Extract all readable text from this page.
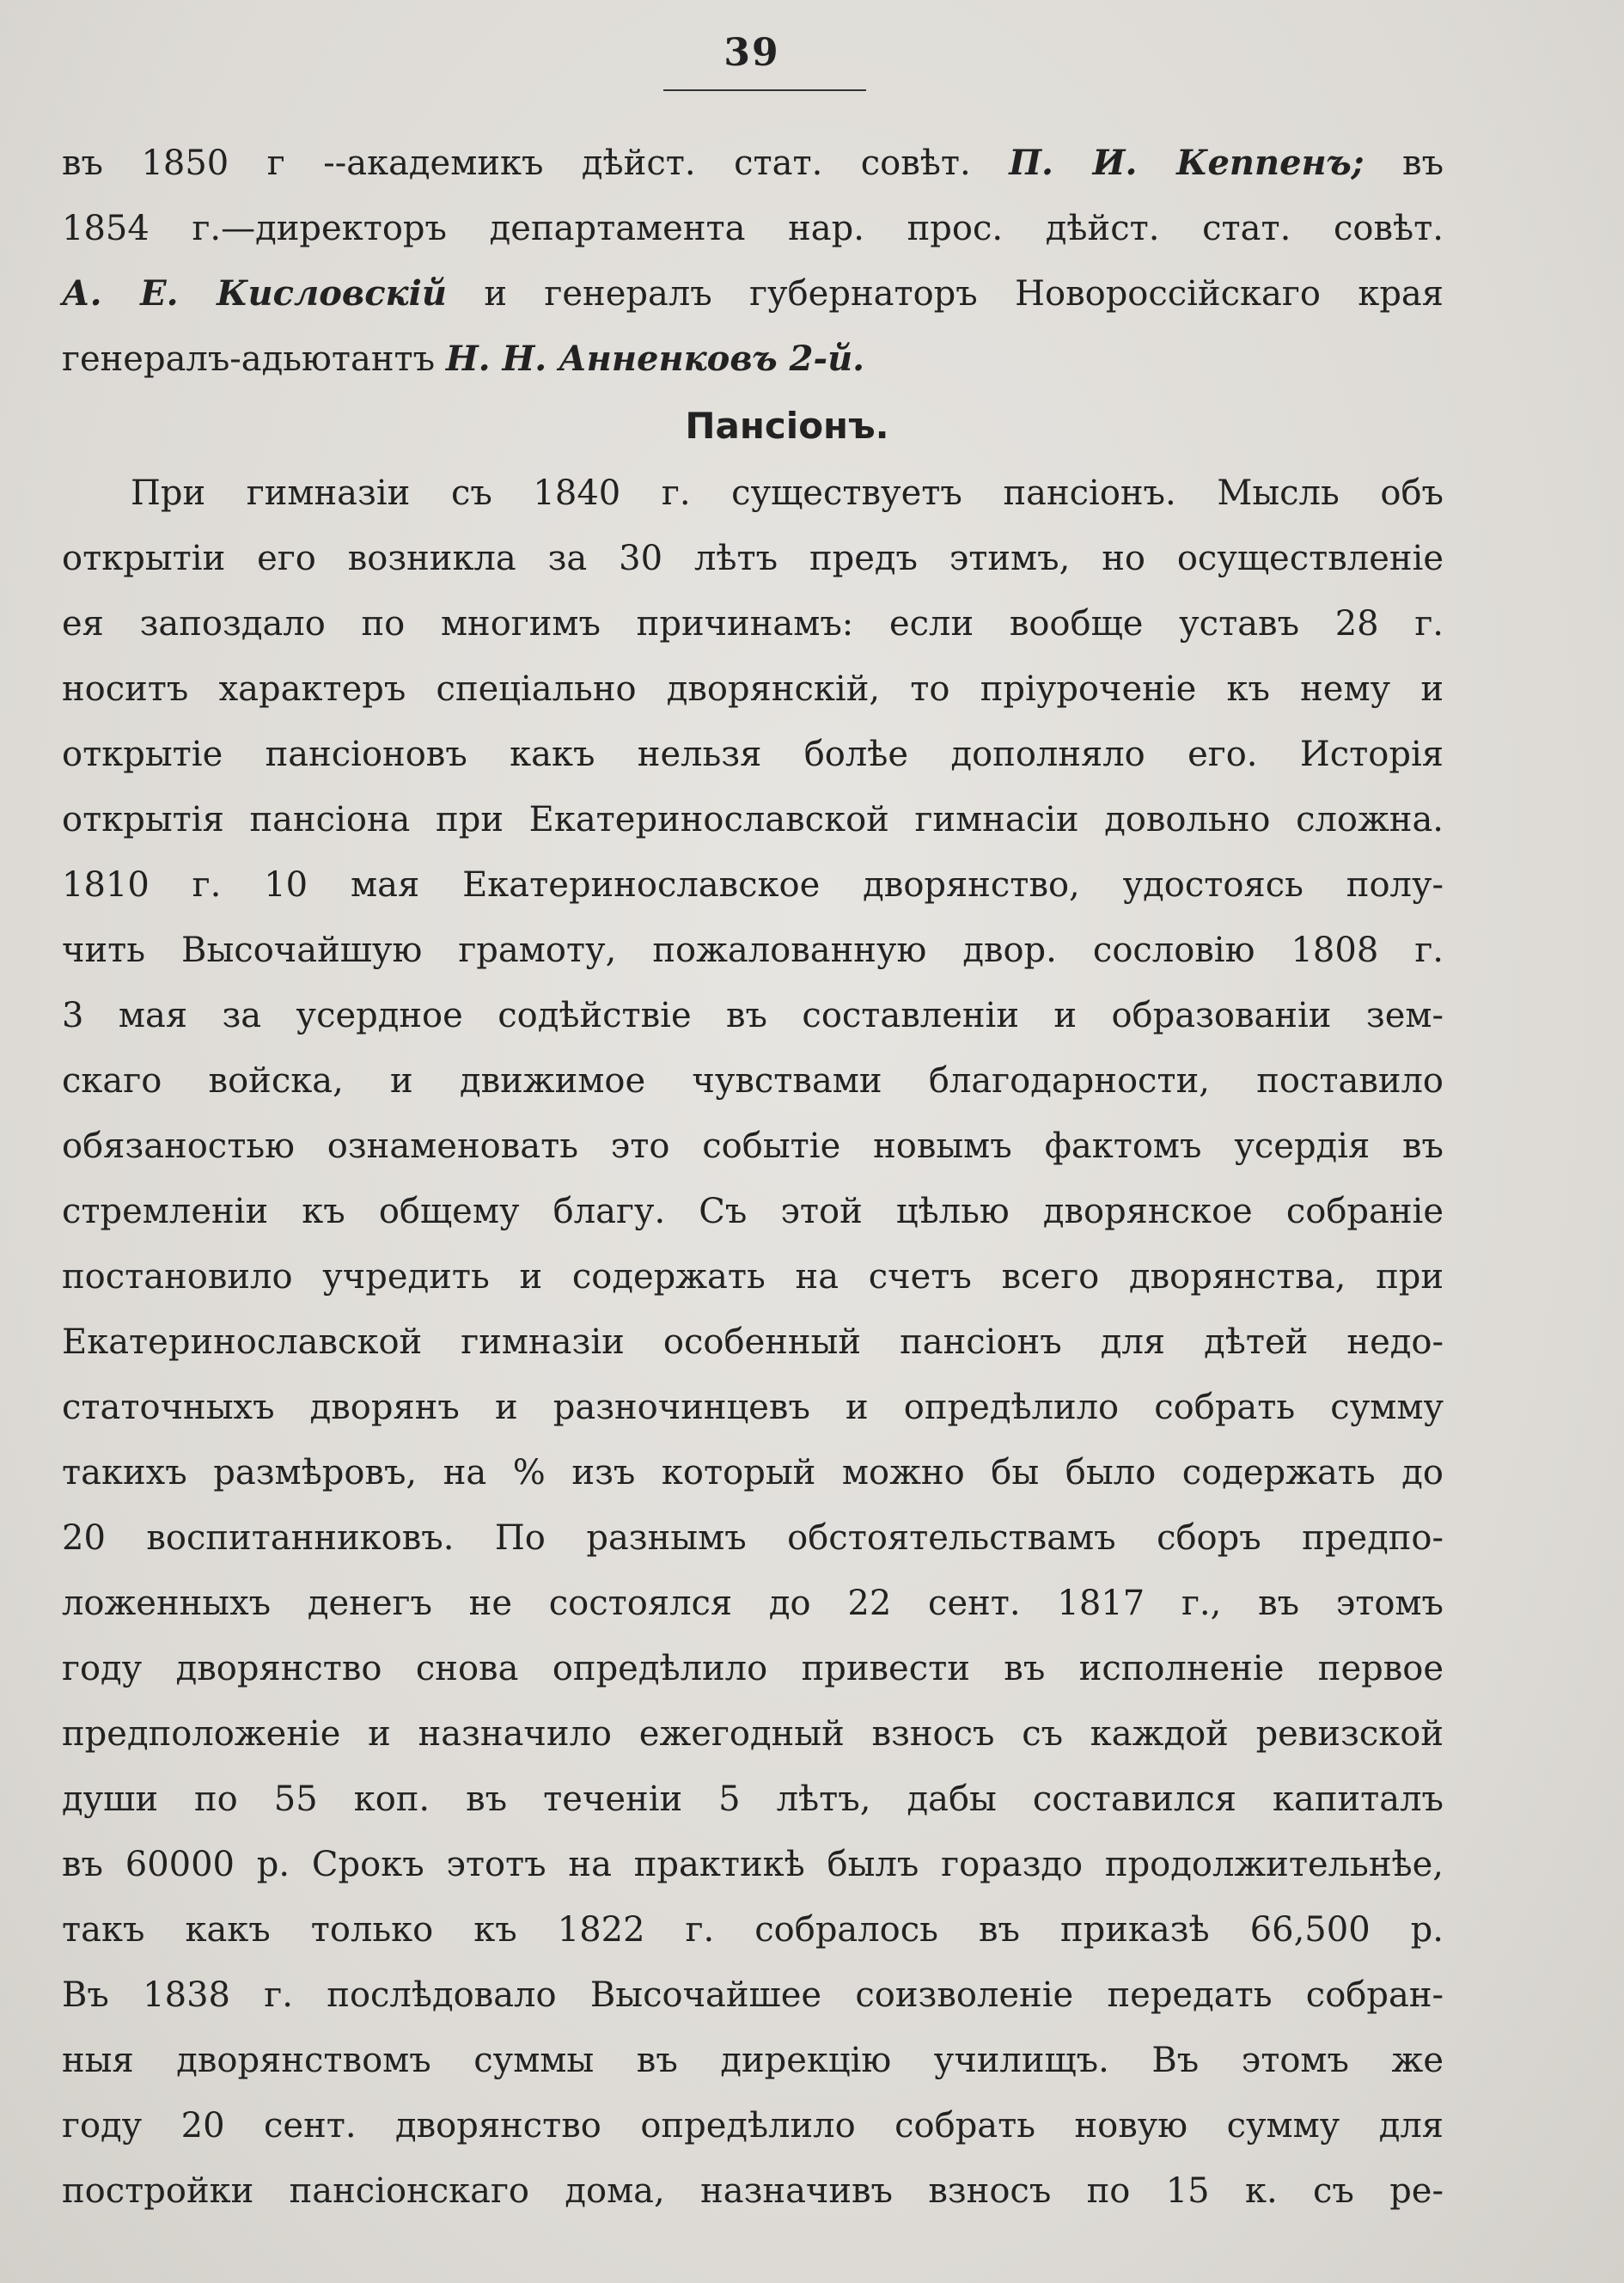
39
въ 1850 г --академикъ дѣйст. стат. совѣт. П. И. Кеппенъ; въ
1854 г.—директоръ департамента нар. прос. дѣйст. стат. совѣт.
А. Е. Кисловскій и генералъ губернаторъ Новороссійскаго края
генералъ-адьютантъ Н. Н. Анненковъ 2-й.
Пансіонъ.
При гимназіи съ 1840 г. существуетъ пансіонъ. Мысль объ
открытіи его возникла за 30 лѣтъ предъ этимъ, но осуществленіе
ея запоздало по многимъ причинамъ: если вообще уставъ 28 г.
носитъ характеръ спеціально дворянскій, то пріуроченіе къ нему и
открытіе пансіоновъ какъ нельзя болѣе дополняло его. Исторія
открытія пансіона при Екатеринославской гимнасіи довольно сложна.
1810 г. 10 мая Екатеринославское дворянство, удостоясь полу-
чить Высочайшую грамоту, пожалованную двор. сословію 1808 г.
3 мая за усердное содѣйствіе въ составленіи и образованіи зем-
скаго войска, и движимое чувствами благодарности, поставило
обязаностью ознаменовать это событіе новымъ фактомъ усердія въ
стремленіи къ общему благу. Съ этой цѣлью дворянское собраніе
постановило учредить и содержать на счетъ всего дворянства, при
Екатеринославской гимназіи особенный пансіонъ для дѣтей недо-
статочныхъ дворянъ и разночинцевъ и опредѣлило собрать сумму
такихъ размѣровъ, на % изъ который можно бы было содержать до
20 воспитанниковъ. По разнымъ обстоятельствамъ сборъ предпо-
ложенныхъ денегъ не состоялся до 22 сент. 1817 г., въ этомъ
году дворянство снова опредѣлило привести въ исполненіе первое
предположеніе и назначило ежегодный взносъ съ каждой ревизской
души по 55 коп. въ теченіи 5 лѣтъ, дабы составился капиталъ
въ 60000 р. Срокъ этотъ на практикѣ былъ гораздо продолжительнѣе,
такъ какъ только къ 1822 г. собралось въ приказѣ 66,500 р.
Въ 1838 г. послѣдовало Высочайшее соизволеніе передать собран-
ныя дворянствомъ суммы въ дирекцію училищъ. Въ этомъ же
году 20 сент. дворянство опредѣлило собрать новую сумму для
постройки пансіонскаго дома, назначивъ взносъ по 15 к. съ ре-
